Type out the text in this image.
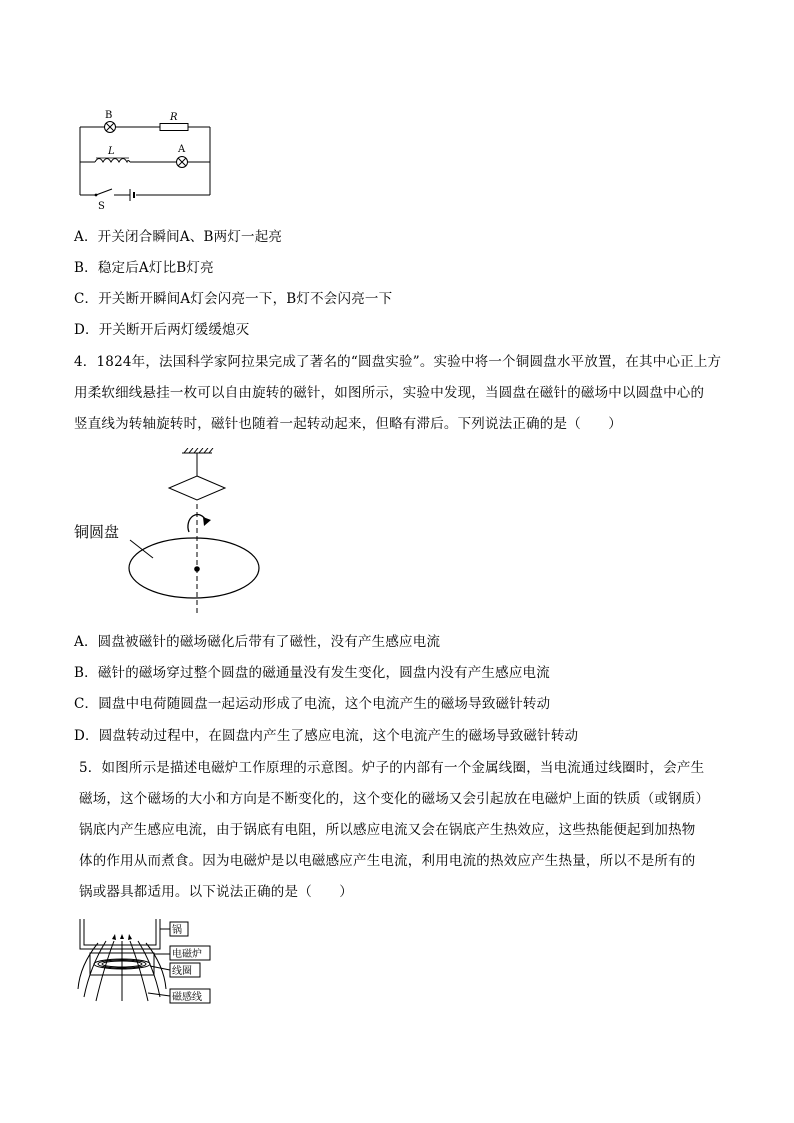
B	R
L	A
S
A．开关闭合瞬间A、B两灯一起亮
B．稳定后A灯比B灯亮
C．开关断开瞬间A灯会闪亮一下，B灯不会闪亮一下
D．开关断开后两灯缓缓熄灭
4．1824年，法国科学家阿拉果完成了著名的“圆盘实验”。实验中将一个铜圆盘水平放置，在其中心正上方
用柔软细线悬挂一枚可以自由旋转的磁针，如图所示，实验中发现，当圆盘在磁针的磁场中以圆盘中心的
竖直线为转轴旋转时，磁针也随着一起转动起来，但略有滞后。下列说法正确的是（　　）
铜圆盘
A．圆盘被磁针的磁场磁化后带有了磁性，没有产生感应电流
B．磁针的磁场穿过整个圆盘的磁通量没有发生变化，圆盘内没有产生感应电流
C．圆盘中电荷随圆盘一起运动形成了电流，这个电流产生的磁场导致磁针转动
D．圆盘转动过程中，在圆盘内产生了感应电流，这个电流产生的磁场导致磁针转动
5．如图所示是描述电磁炉工作原理的示意图。炉子的内部有一个金属线圈，当电流通过线圈时，会产生
磁场，这个磁场的大小和方向是不断变化的，这个变化的磁场又会引起放在电磁炉上面的铁质（或钢质）
锅底内产生感应电流，由于锅底有电阻，所以感应电流又会在锅底产生热效应，这些热能便起到加热物
体的作用从而煮食。因为电磁炉是以电磁感应产生电流，利用电流的热效应产生热量，所以不是所有的
锅或器具都适用。以下说法正确的是（　　）
锅
电磁炉
线圈
磁感线
